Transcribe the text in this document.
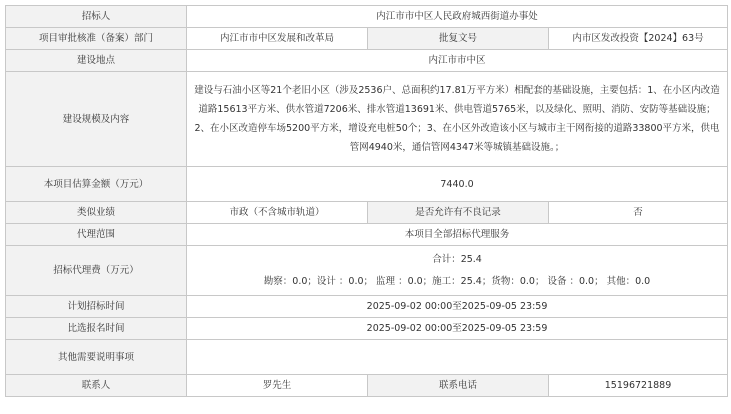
招标人	内江市市中区人民政府城西街道办事处		
项目审批核准（备案）部门	内江市市中区发展和改革局	批复文号	内市区发改投资【2024】63号
建设地点	内江市市中区		
建设规模及内容	建设与石油小区等21个老旧小区（涉及2536户、总面积约17.81万平方米）相配套的基础设施，主要包括：1、在小区内改造道路15613平方米、供水管道7206米、排水管道13691米、供电管道5765米，以及绿化、照明、消防、安防等基础设施；2、在小区改造停车场5200平方米，增设充电桩50个；3、在小区外改造该小区与城市主干网衔接的道路33800平方米，供电管网4940米，通信管网4347米等城镇基础设施。；		
本项目估算金额（万元）	7440.0		
类似业绩	市政（不含城市轨道）	是否允许有不良记录	否
代理范围	本项目全部招标代理服务		
招标代理费（万元）	合计：25.4
勘察：0.0；设计 ：0.0； 监理 ：0.0；施工：25.4；货物：0.0； 设备 ：0.0； 其他：0.0		

计划招标时间	2025-09-02 00:00至2025-09-05 23:59		
比选报名时间	2025-09-02 00:00至2025-09-05 23:59		
其他需要说明事项			
联系人	罗先生	联系电话	15196721889
